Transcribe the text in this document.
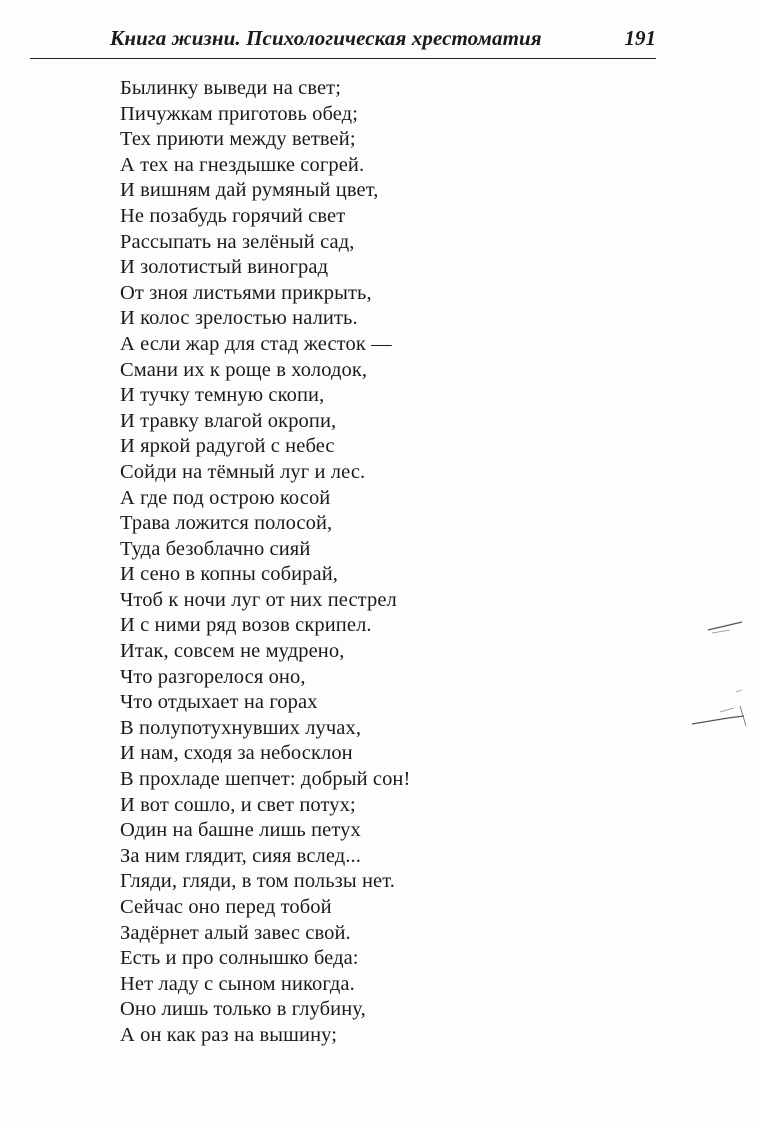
Книга жизни. Психологическая хрестоматия	191
Былинку выведи на свет;
Пичужкам приготовь обед;
Тех приюти между ветвей;
А тех на гнездышке согрей.
И вишням дай румяный цвет,
Не позабудь горячий свет
Рассыпать на зелёный сад,
И золотистый виноград
От зноя листьями прикрыть,
И колос зрелостью налить.
А если жар для стад жесток —
Смани их к роще в холодок,
И тучку темную скопи,
И травку влагой окропи,
И яркой радугой с небес
Сойди на тёмный луг и лес.
А где под острою косой
Трава ложится полосой,
Туда безоблачно сияй
И сено в копны собирай,
Чтоб к ночи луг от них пестрел
И с ними ряд возов скрипел.
Итак, совсем не мудрено,
Что разгорелося оно,
Что отдыхает на горах
В полупотухнувших лучах,
И нам, сходя за небосклон
В прохладе шепчет: добрый сон!
И вот сошло, и свет потух;
Один на башне лишь петух
За ним глядит, сияя вслед...
Гляди, гляди, в том пользы нет.
Сейчас оно перед тобой
Задёрнет алый завес свой.
Есть и про солнышко беда:
Нет ладу с сыном никогда.
Оно лишь только в глубину,
А он как раз на вышину;
